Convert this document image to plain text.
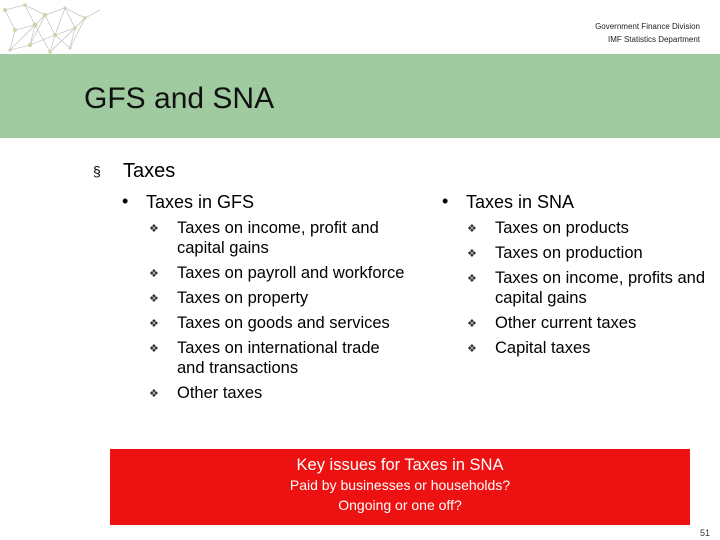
Government Finance Division
IMF Statistics Department
GFS and SNA
§ Taxes
• Taxes in GFS
❖ Taxes on income, profit and capital gains
❖ Taxes on payroll and workforce
❖ Taxes on property
❖ Taxes on goods and services
❖ Taxes on international trade and transactions
❖ Other taxes
• Taxes in SNA
❖ Taxes on products
❖ Taxes on production
❖ Taxes on income, profits and capital gains
❖ Other current taxes
❖ Capital taxes
Key issues for Taxes in SNA
Paid by businesses or households?
Ongoing or one off?
51
